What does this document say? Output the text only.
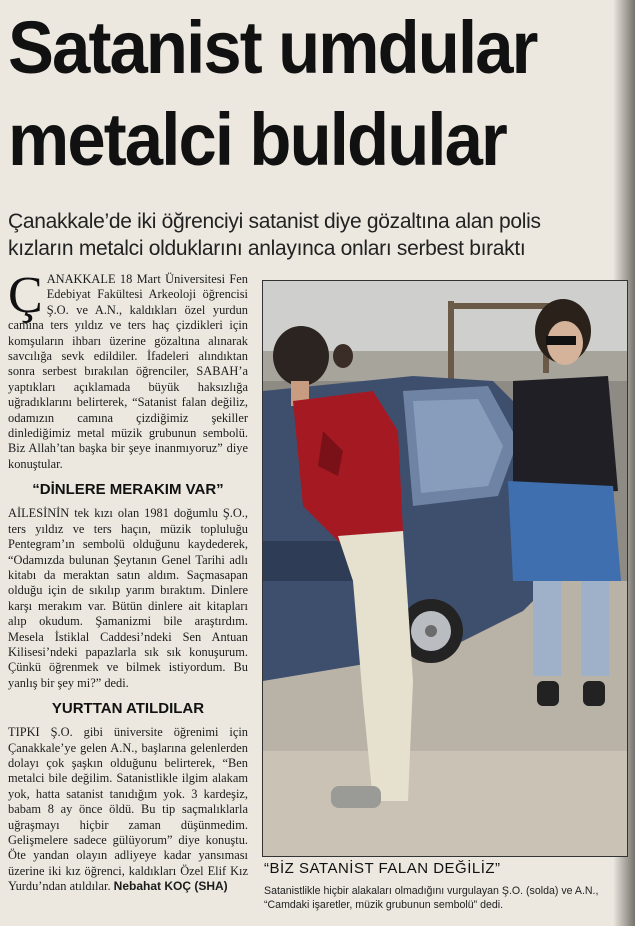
Satanist umdular
metalci buldular
Çanakkale’de iki öğrenciyi satanist diye gözaltına alan polis
kızların metalci olduklarını anlayınca onları serbest bıraktı

ÇANAKKALE 18 Mart Üniversitesi Fen Edebiyat Fakültesi Arkeoloji öğrencisi Ş.O. ve A.N., kaldıkları özel yurdun camına ters yıldız ve ters haç çizdikleri için komşuların ihbarı üzerine gözaltına alınarak savcılığa sevk edildiler. İfadeleri alındıktan sonra serbest bırakılan öğrenciler, SABAH’a yaptıkları açıklamada büyük haksızlığa uğradıklarını belirterek, “Satanist falan değiliz, odamızın camına çizdiğimiz şekiller dinlediğimiz metal müzik grubunun sembolü. Biz Allah’tan başka bir şeye inanmıyoruz” diye konuştular.

“DİNLERE MERAKIM VAR”

AİLESİNİN tek kızı olan 1981 doğumlu Ş.O., ters yıldız ve ters haçın, müzik topluluğu Pentegram’ın sembolü olduğunu kaydederek, “Odamızda bulunan Şeytanın Genel Tarihi adlı kitabı da meraktan satın aldım. Saçmasapan olduğu için de sıkılıp yarım bıraktım. Dinlere karşı merakım var. Bütün dinlere ait kitapları alıp okudum. Şamanizmi bile araştırdım. Mesela İstiklal Caddesi’ndeki Sen Antuan Kilisesi’ndeki papazlarla sık sık konuşurum. Çünkü öğrenmek ve bilmek istiyordum. Bu yanlış bir şey mi?” dedi.

YURTTAN ATILDILAR

TIPKI Ş.O. gibi üniversite öğrenimi için Çanakkale’ye gelen A.N., başlarına gelenlerden dolayı çok şaşkın olduğunu belirterek, “Ben metalci bile değilim. Satanistlikle ilgim alakam yok, hatta satanist tanıdığım yok. 3 kardeşiz, babam 8 ay önce öldü. Bu tip saçmalıklarla uğraşmayı hiçbir zaman düşünmedim. Gelişmelere sadece gülüyorum” diye konuştu. Öte yandan olayın adliyeye kadar yansıması üzerine iki kız öğrenci, kaldıkları Özel Elif Kız Yurdu’ndan atıldılar. Nebahat KOÇ (SHA)

“BİZ SATANİST FALAN DEĞİLİZ”
Satanistlikle hiçbir alakaları olmadığını vurgulayan Ş.O. (solda) ve A.N., “Camdaki işaretler, müzik grubunun sembolü” dedi.
